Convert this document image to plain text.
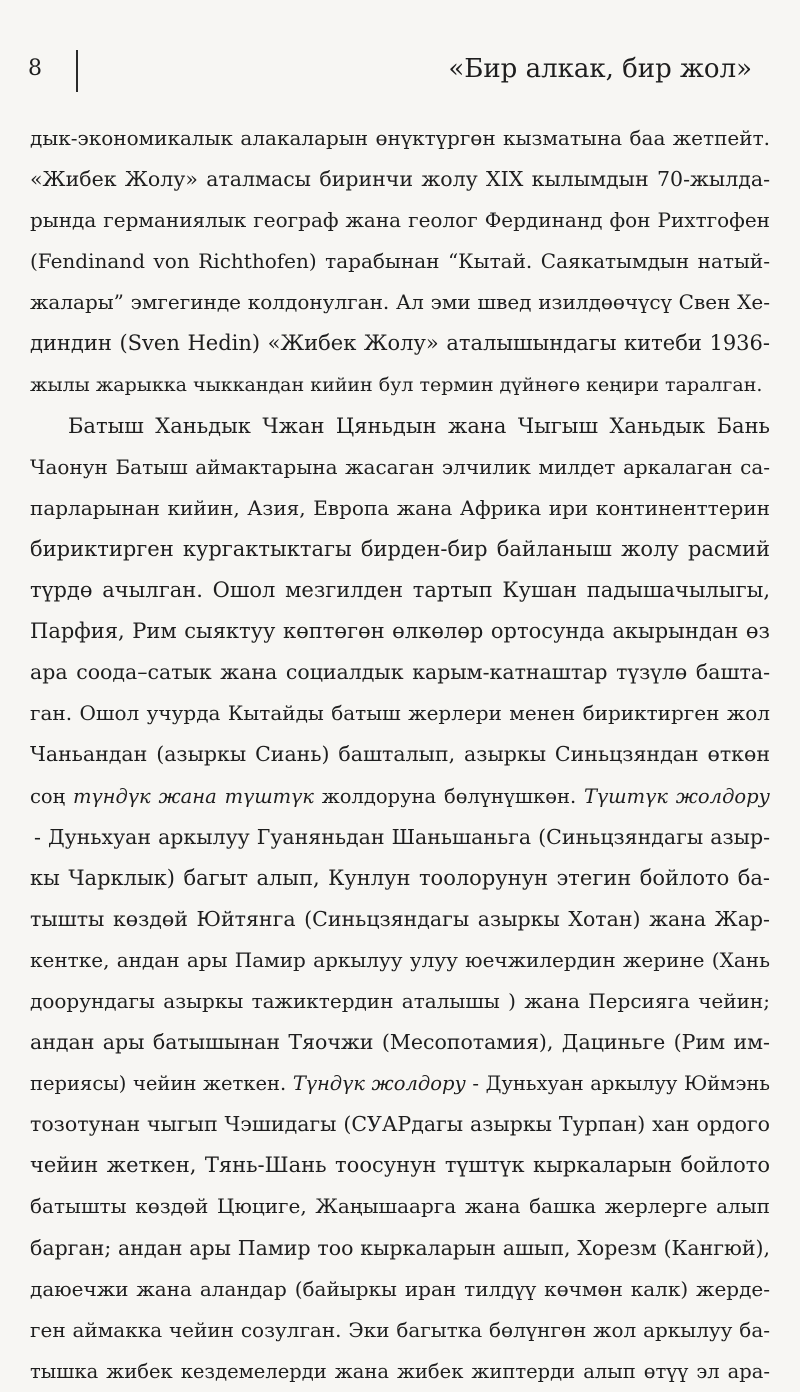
8	«Бир алкак, бир жол»
дык-экономикалык алакаларын өнүктүргөн кызматына баа жетпейт.
«Жибек Жолу» аталмасы биринчи жолу XIX кылымдын 70-жылда-
рында германиялык географ жана геолог Фердинанд фон Рихтгофен
(Fendinand von Richthofen) тарабынан “Кытай. Саякатымдын натый-
жалары” эмгегинде колдонулган. Ал эми швед изилдөөчүсү Свен Хе-
диндин (Sven Hedin) «Жибек Жолу» аталышындагы китеби 1936-
жылы жарыкка чыккандан кийин бул термин дүйнөгө кеңири таралган.
Батыш Ханьдык Чжан Цяньдын жана Чыгыш Ханьдык Бань
Чаонун Батыш аймактарына жасаган элчилик милдет аркалаган са-
парларынан кийин, Азия, Европа жана Африка ири континенттерин
бириктирген кургактыктагы бирден-бир байланыш жолу расмий
түрдө ачылган. Ошол мезгилден тартып Кушан падышачылыгы,
Парфия, Рим сыяктуу көптөгөн өлкөлөр ортосунда акырындан өз
ара соода–сатык жана социалдык карым-катнаштар түзүлө башта-
ган. Ошол учурда Кытайды батыш жерлери менен бириктирген жол
Чаньандан (азыркы Сиань) башталып, азыркы Синьцзяндан өткөн
соң түндүк жана түштүк жолдоруна бөлүнүшкөн. Түштүк жолдору
- Дуньхуан аркылуу Гуаняньдан Шаньшаньга (Синьцзяндагы азыр-
кы Чарклык) багыт алып, Кунлун тоолорунун этегин бойлото ба-
тышты көздөй Юйтянга (Синьцзяндагы азыркы Хотан) жана Жар-
кентке, андан ары Памир аркылуу улуу юечжилердин жерине (Хань
доорундагы азыркы тажиктердин аталышы ) жана Персияга чейин;
андан ары батышынан Тяочжи (Месопотамия), Дациньге (Рим им-
периясы) чейин жеткен. Түндүк жолдору - Дуньхуан аркылуу Юймэнь
тозотунан чыгып Чэшидагы (СУАРдагы азыркы Турпан) хан ордого
чейин жеткен, Тянь-Шань тоосунун түштүк кыркаларын бойлото
батышты көздөй Цюциге, Жаңышаарга жана башка жерлерге алып
барган; андан ары Памир тоо кыркаларын ашып, Хорезм (Кангюй),
даюечжи жана аландар (байыркы иран тилдүү көчмөн калк) жерде-
ген аймакка чейин созулган. Эки багытка бөлүнгөн жол аркылуу ба-
тышка жибек кездемелерди жана жибек жиптерди алып өтүү эл ара-
